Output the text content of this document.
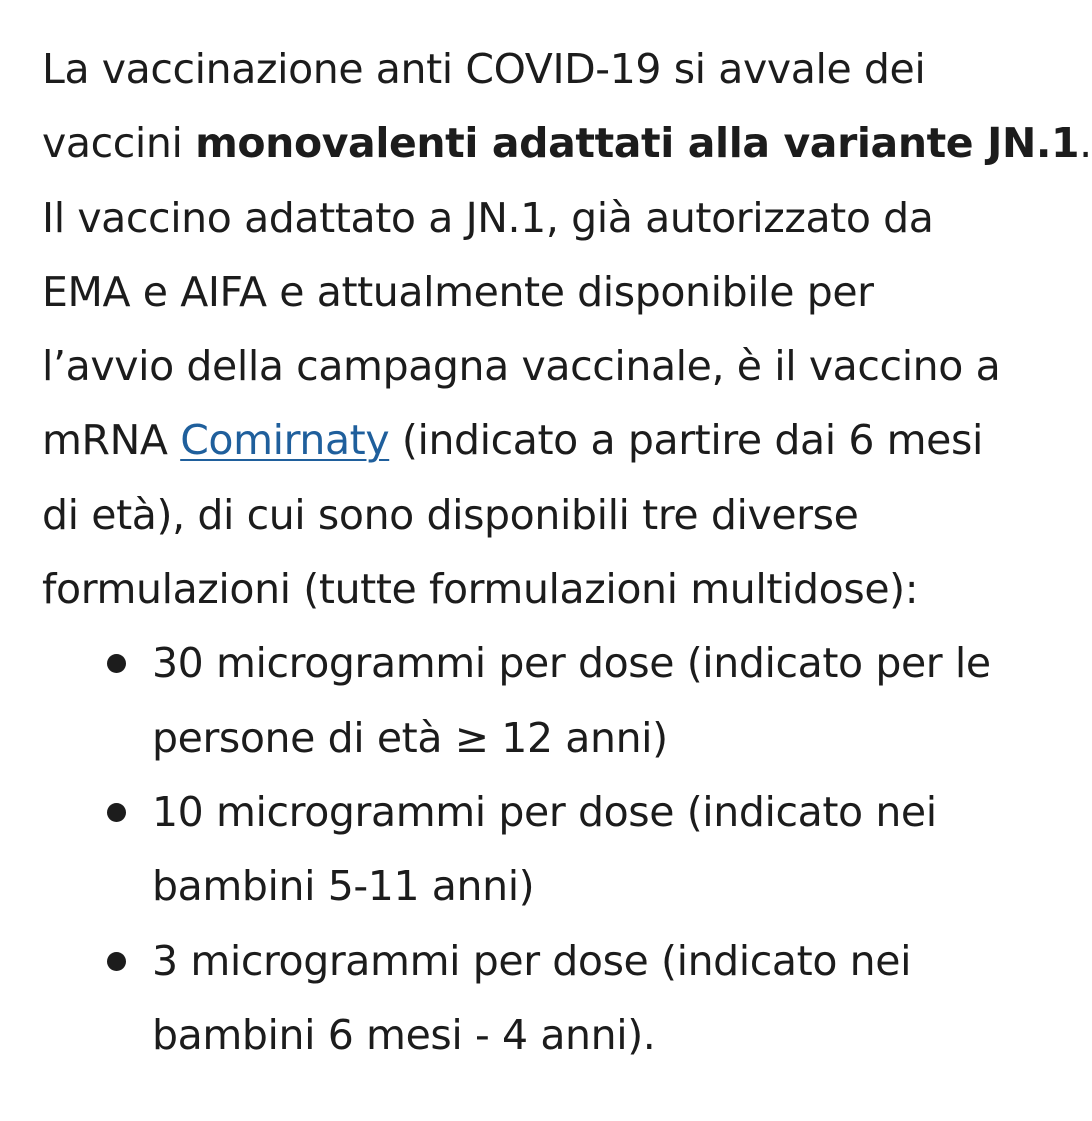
La vaccinazione anti COVID-19 si avvale dei
vaccini monovalenti adattati alla variante JN.1.
Il vaccino adattato a JN.1, già autorizzato da
EMA e AIFA e attualmente disponibile per
l’avvio della campagna vaccinale, è il vaccino a
mRNA Comirnaty (indicato a partire dai 6 mesi
di età), di cui sono disponibili tre diverse
formulazioni (tutte formulazioni multidose):

30 microgrammi per dose (indicato per le
persone di età ≥ 12 anni)
10 microgrammi per dose (indicato nei
bambini 5-11 anni)
3 microgrammi per dose (indicato nei
bambini 6 mesi - 4 anni).
